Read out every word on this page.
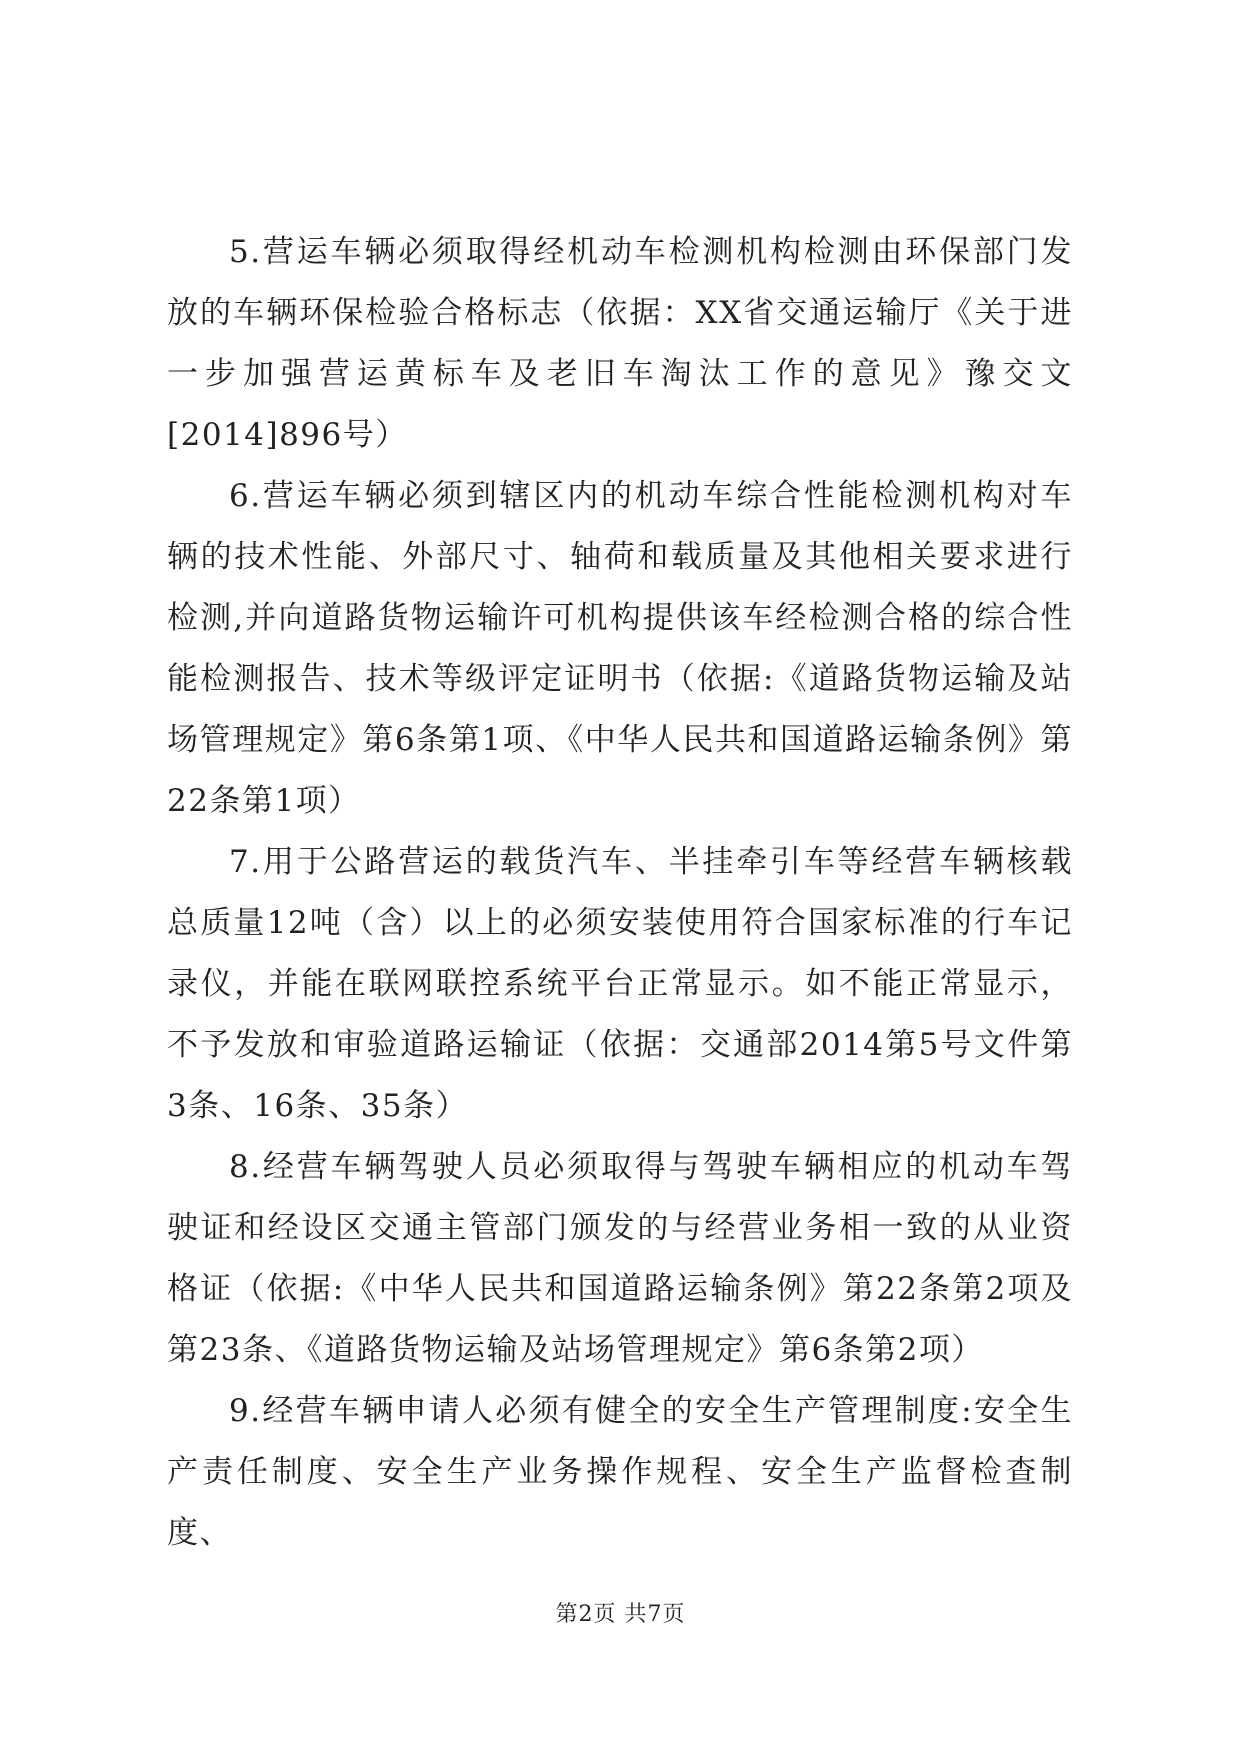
5.营运车辆必须取得经机动车检测机构检测由环保部门发放的车辆环保检验合格标志（依据：XX省交通运输厅《关于进一步加强营运黄标车及老旧车淘汰工作的意见》豫交文[2014]896号）

6.营运车辆必须到辖区内的机动车综合性能检测机构对车辆的技术性能、外部尺寸、轴荷和载质量及其他相关要求进行检测,并向道路货物运输许可机构提供该车经检测合格的综合性能检测报告、技术等级评定证明书（依据:《道路货物运输及站场管理规定》第6条第1项、《中华人民共和国道路运输条例》第22条第1项）

7.用于公路营运的载货汽车、半挂牵引车等经营车辆核载总质量12吨（含）以上的必须安装使用符合国家标准的行车记录仪，并能在联网联控系统平台正常显示。如不能正常显示，不予发放和审验道路运输证（依据：交通部2014第5号文件第3条、16条、35条）

8.经营车辆驾驶人员必须取得与驾驶车辆相应的机动车驾驶证和经设区交通主管部门颁发的与经营业务相一致的从业资格证（依据:《中华人民共和国道路运输条例》第22条第2项及第23条、《道路货物运输及站场管理规定》第6条第2项）

9.经营车辆申请人必须有健全的安全生产管理制度:安全生产责任制度、安全生产业务操作规程、安全生产监督检查制度、

第2页 共7页
